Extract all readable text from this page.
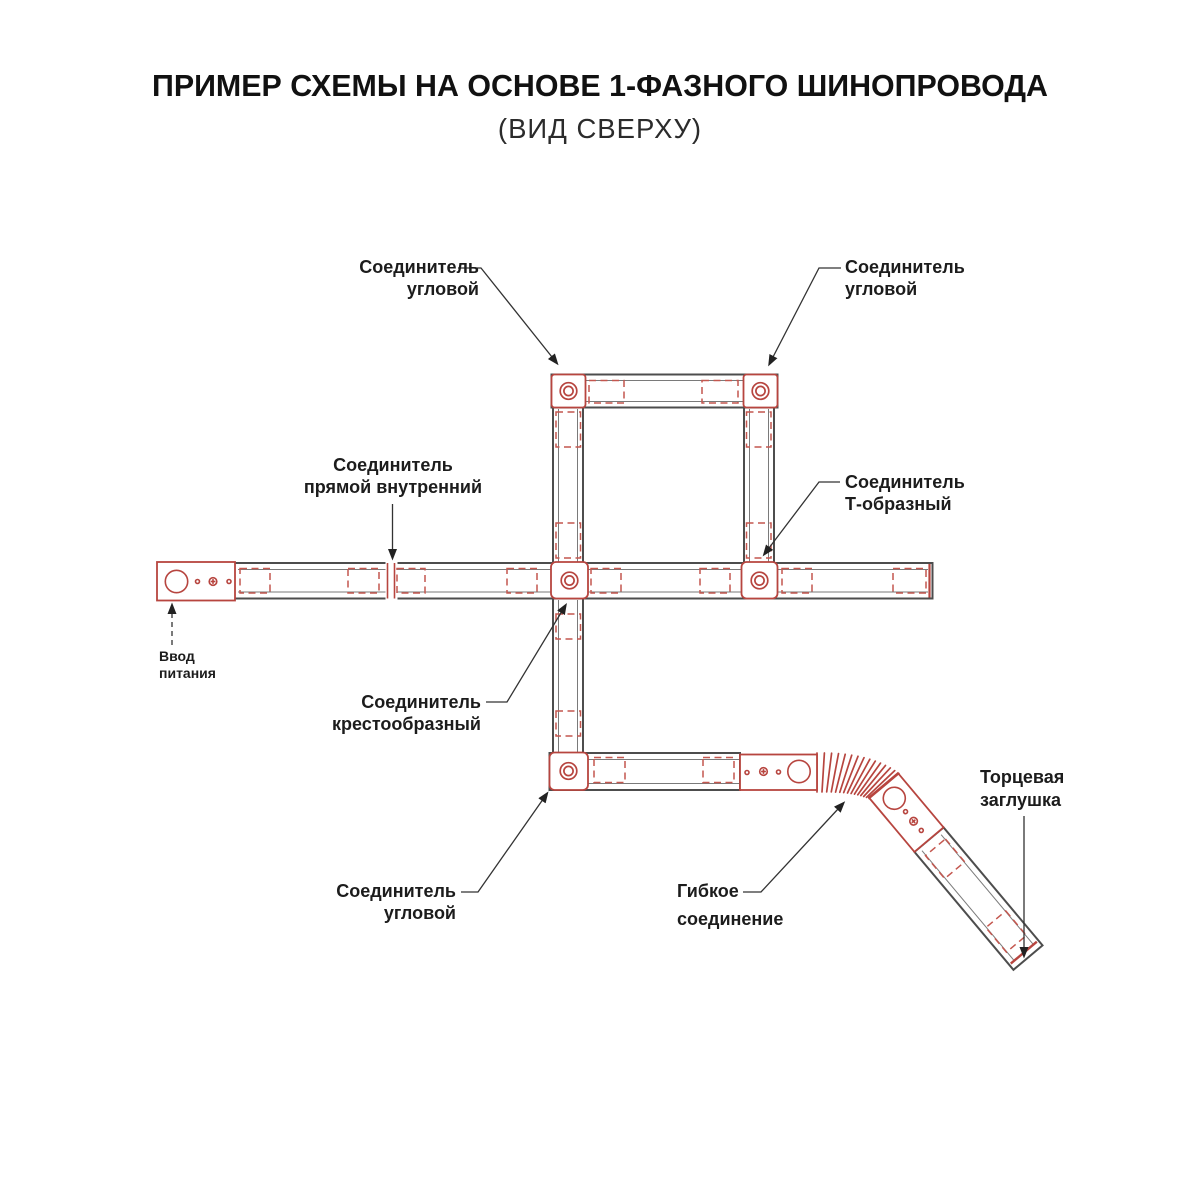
ПРИМЕР СХЕМЫ НА ОСНОВЕ 1-ФАЗНОГО ШИНОПРОВОДА
(ВИД СВЕРХУ)
Соединитель
угловой
Соединитель
угловой
Соединитель
прямой внутренний	Соединитель
Т-образный
Ввод
питания
Соединитель
крестообразный
Соединитель
угловой
Гибкое
соединение
Торцевая
заглушка
